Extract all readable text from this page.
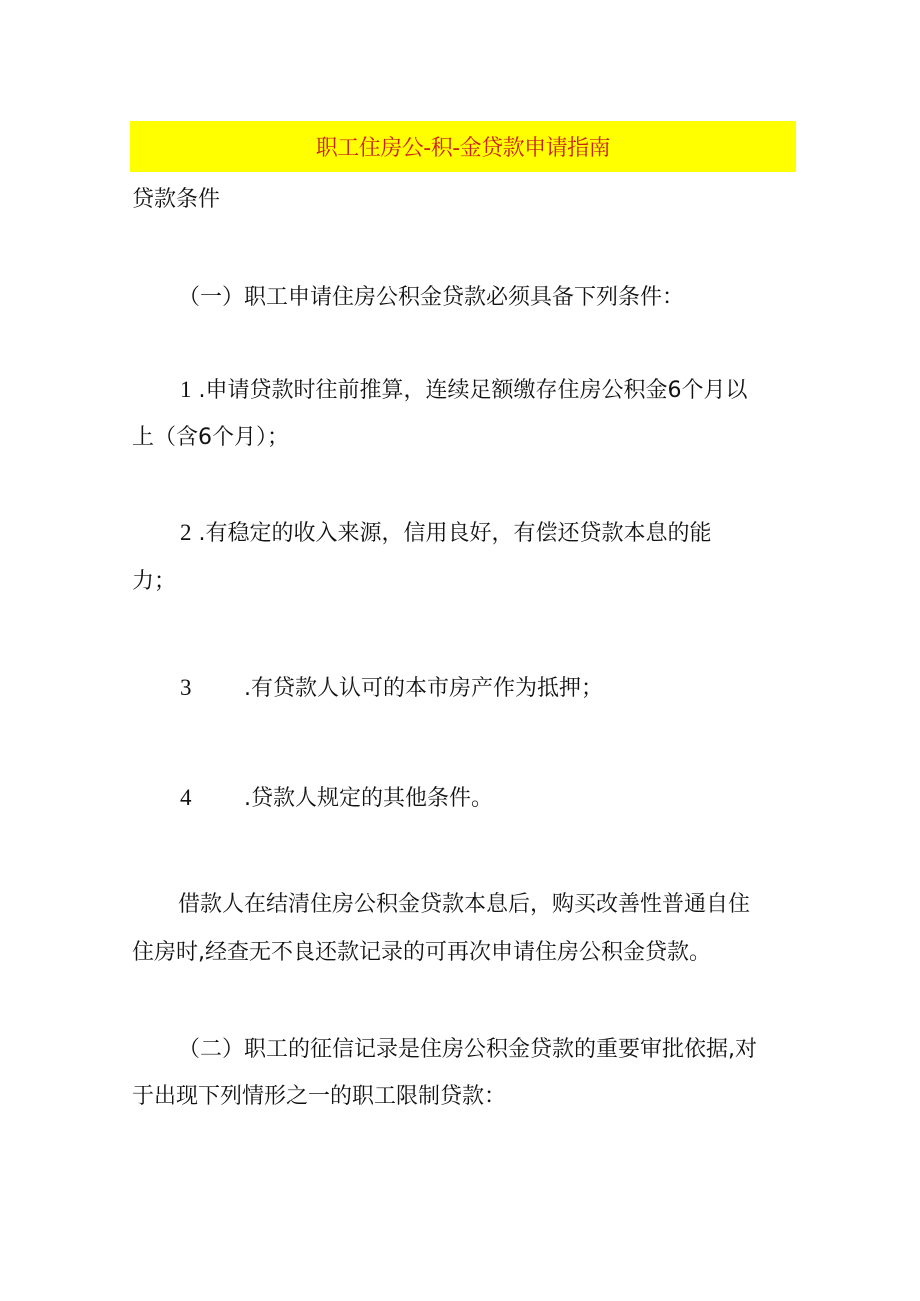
职工住房公-积-金贷款申请指南
贷款条件
（一）职工申请住房公积金贷款必须具备下列条件：
1 .申请贷款时往前推算，连续足额缴存住房公积金6个月以
上（含6个月）；
2 .有稳定的收入来源，信用良好，有偿还贷款本息的能
力；
3 .有贷款人认可的本市房产作为抵押；
4 .贷款人规定的其他条件。
借款人在结清住房公积金贷款本息后，购买改善性普通自住
住房时,经查无不良还款记录的可再次申请住房公积金贷款。
（二）职工的征信记录是住房公积金贷款的重要审批依据,对
于出现下列情形之一的职工限制贷款：
